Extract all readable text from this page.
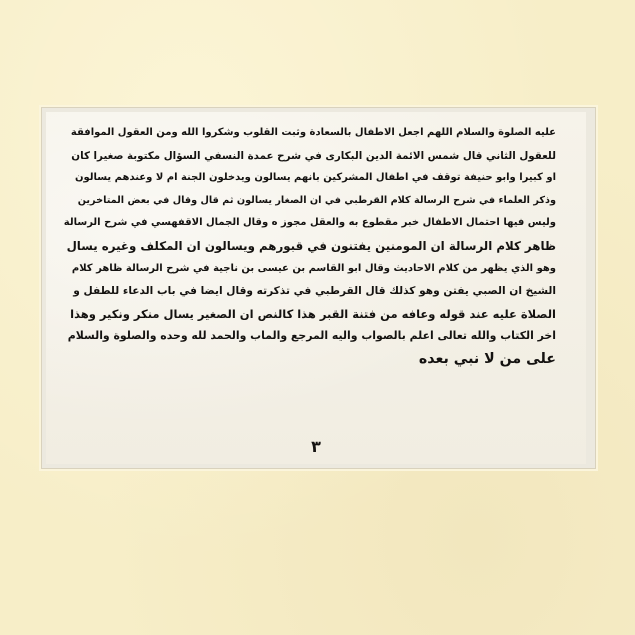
عليه الصلوة والسلام اللهم اجعل الاطفال بالسعادة وثبت القلوب وشكروا الله ومن العقول الموافقة
للعقول الثاني قال شمس الائمة الدين البكارى في شرح عمدة النسفي السؤال مكتوبة صغيرا كان
او كبيرا وابو حنيفة توقف في اطفال المشركين بانهم يسالون ويدخلون الجنة ام لا وعندهم يسالون
وذكر العلماء في شرح الرسالة كلام القرطبي في ان الصغار يسالون ثم قال وقال في بعض المتاخرين
وليس فيها احتمال الاطفال خبر مقطوع به والعقل مجوز ه وقال الجمال الاقفهسي في شرح الرسالة
ظاهر كلام الرسالة ان المومنين يفتنون في قبورهم ويسالون ان المكلف وغيره يسال
وهو الذي يظهر من كلام الاحاديث وقال ابو القاسم بن عيسى بن ناجية في شرح الرسالة ظاهر كلام
الشيخ ان الصبي يفتن وهو كذلك قال القرطبي في تذكرته وقال ايضا في باب الدعاء للطفل و
الصلاة عليه عند قوله وعافه من فتنة القبر هذا كالنص ان الصغير يسال منكر ونكير وهذا
اخر الكتاب والله تعالى اعلم بالصواب واليه المرجع والماب والحمد لله وحده والصلوة والسلام
على من لا نبي بعده
٣
